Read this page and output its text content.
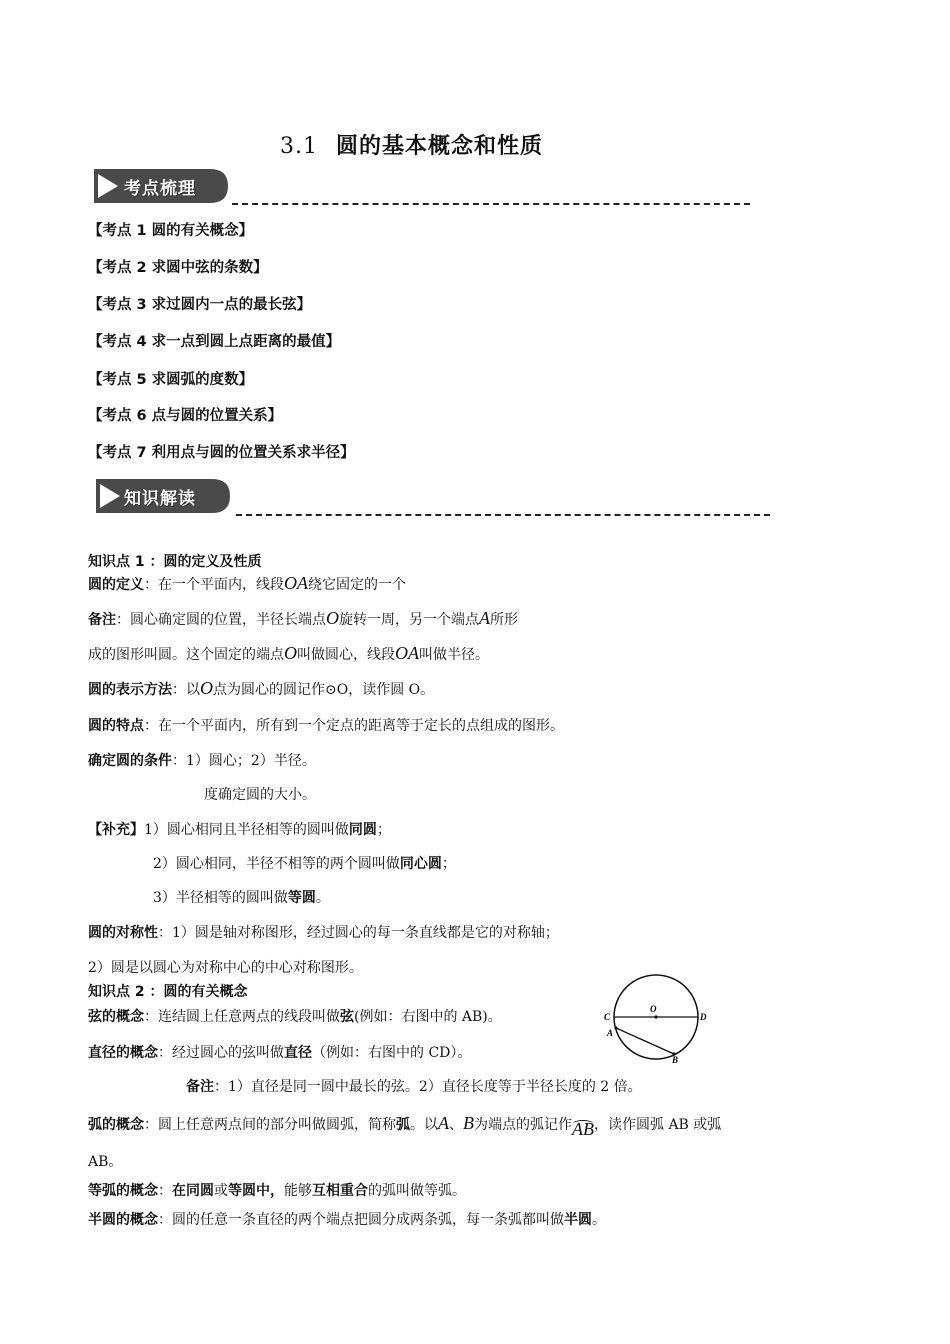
3.1 圆的基本概念和性质
考点梳理
【考点 1 圆的有关概念】
【考点 2 求圆中弦的条数】
【考点 3 求过圆内一点的最长弦】
【考点 4 求一点到圆上点距离的最值】
【考点 5 求圆弧的度数】
【考点 6 点与圆的位置关系】
【考点 7 利用点与圆的位置关系求半径】
知识解读
知识点 1 ：圆的定义及性质
圆的定义：在一个平面内，线段OA绕它固定的一个
备注：圆心确定圆的位置，半径长端点O旋转一周，另一个端点A所形
成的图形叫圆。这个固定的端点O叫做圆心，线段OA叫做半径。
圆的表示方法：以O点为圆心的圆记作⊙O，读作圆 O。
圆的特点：在一个平面内，所有到一个定点的距离等于定长的点组成的图形。
确定圆的条件：1）圆心；2）半径。
度确定圆的大小。
【补充】1）圆心相同且半径相等的圆叫做同圆；
2）圆心相同，半径不相等的两个圆叫做同心圆；
3）半径相等的圆叫做等圆。
圆的对称性：1）圆是轴对称图形，经过圆心的每一条直线都是它的对称轴；
2）圆是以圆心为对称中心的中心对称图形。
知识点 2 ：圆的有关概念
弦的概念：连结圆上任意两点的线段叫做弦(例如：右图中的 AB)。
直径的概念：经过圆心的弦叫做直径（例如：右图中的 CD）。
备注：1）直径是同一圆中最长的弦。2）直径长度等于半径长度的 2 倍。
弧的概念：圆上任意两点间的部分叫做圆弧，简称弧。以A、B为端点的弧记作AB，读作圆弧 AB 或弧
AB。
等弧的概念：在同圆或等圆中，能够互相重合的弧叫做等弧。
半圆的概念：圆的任意一条直径的两个端点把圆分成两条弧，每一条弧都叫做半圆。
O
C	D
A
B
